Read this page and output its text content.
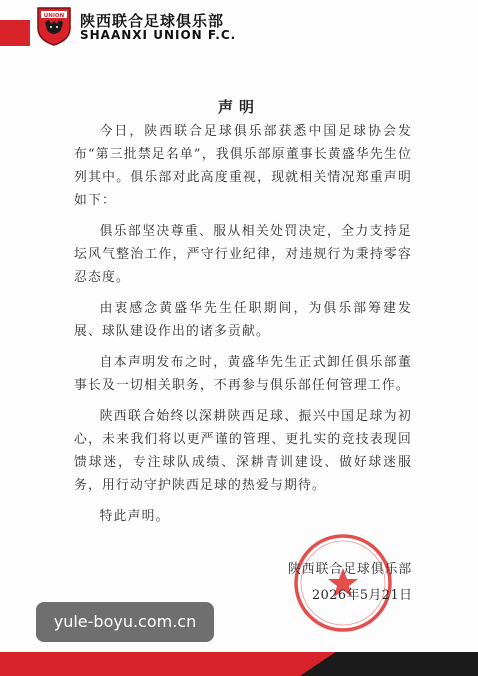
UNION 陕西联合足球俱乐部
SHAANXI UNION F.C.
声明

今日，陕西联合足球俱乐部获悉中国足球协会发布“第三批禁足名单”，我俱乐部原董事长黄盛华先生位列其中。俱乐部对此高度重视，现就相关情况郑重声明如下：

俱乐部坚决尊重、服从相关处罚决定，全力支持足坛风气整治工作，严守行业纪律，对违规行为秉持零容忍态度。

由衷感念黄盛华先生任职期间，为俱乐部筹建发展、球队建设作出的诸多贡献。

自本声明发布之时，黄盛华先生正式卸任俱乐部董事长及一切相关职务，不再参与俱乐部任何管理工作。

陕西联合始终以深耕陕西足球、振兴中国足球为初心，未来我们将以更严谨的管理、更扎实的竞技表现回馈球迷，专注球队成绩、深耕青训建设、做好球迷服务，用行动守护陕西足球的热爱与期待。

特此声明。

陕西联合足球俱乐部
2026年5月21日
yule-boyu.com.cn
